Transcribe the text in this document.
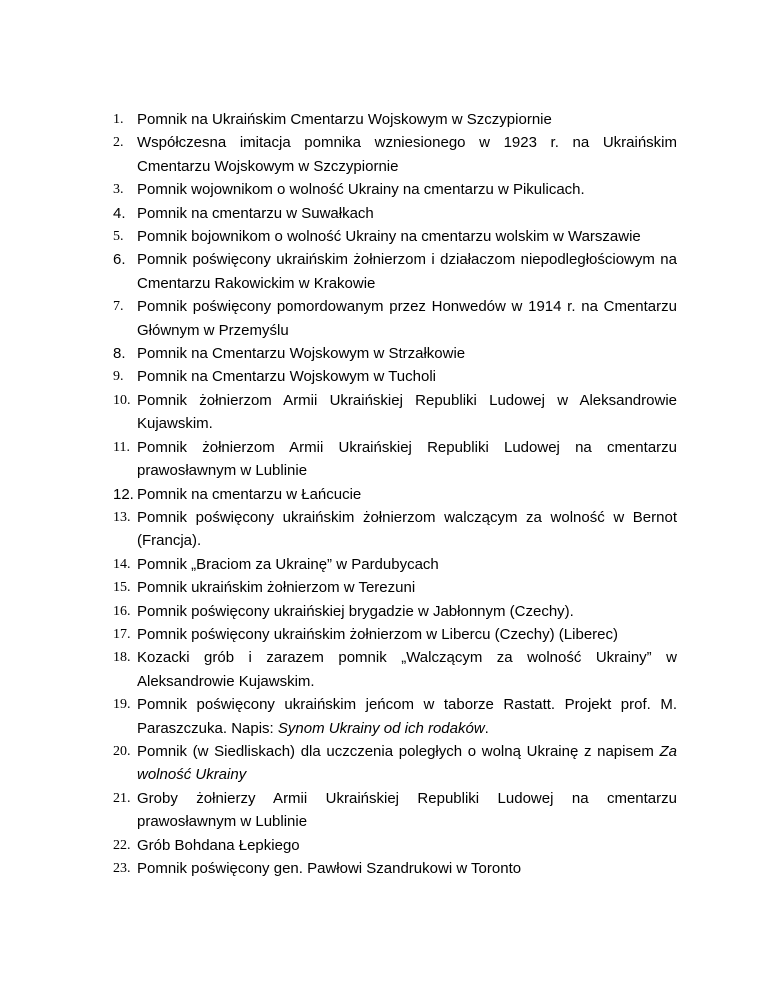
1. Pomnik na Ukraińskim Cmentarzu Wojskowym w Szczypiornie
2. Współczesna imitacja pomnika wzniesionego w 1923 r. na Ukraińskim Cmentarzu Wojskowym w Szczypiornie
3. Pomnik wojownikom o wolność Ukrainy na cmentarzu w Pikulicach.
4. Pomnik na cmentarzu w Suwałkach
5. Pomnik bojownikom o wolność Ukrainy na cmentarzu wolskim w Warszawie
6. Pomnik poświęcony ukraińskim żołnierzom i działaczom niepodległościowym na Cmentarzu Rakowickim w Krakowie
7. Pomnik poświęcony pomordowanym przez Honwedów w 1914 r. na Cmentarzu Głównym w Przemyślu
8. Pomnik na Cmentarzu Wojskowym w Strzałkowie
9. Pomnik na Cmentarzu Wojskowym w Tucholi
10. Pomnik żołnierzom Armii Ukraińskiej Republiki Ludowej w Aleksandrowie Kujawskim.
11. Pomnik żołnierzom Armii Ukraińskiej Republiki Ludowej na cmentarzu prawosławnym w Lublinie
12. Pomnik na cmentarzu w Łańcucie
13. Pomnik poświęcony ukraińskim żołnierzom walczącym za wolność w Bernot (Francja).
14. Pomnik „Braciom za Ukrainę” w Pardubycach
15. Pomnik ukraińskim żołnierzom w Terezuni
16. Pomnik poświęcony ukraińskiej brygadzie w Jabłonnym (Czechy).
17. Pomnik poświęcony ukraińskim żołnierzom w Libercu (Czechy) (Liberec)
18. Kozacki grób i zarazem pomnik „Walczącym za wolność Ukrainy” w Aleksandrowie Kujawskim.
19. Pomnik poświęcony ukraińskim jeńcom w taborze Rastatt. Projekt prof. M. Paraszczuka. Napis: Synom Ukrainy od ich rodaków.
20. Pomnik (w Siedliskach) dla uczczenia poległych o wolną Ukrainę z napisem Za wolność Ukrainy
21. Groby żołnierzy Armii Ukraińskiej Republiki Ludowej na cmentarzu prawosławnym w Lublinie
22. Grób Bohdana Łepkiego
23. Pomnik poświęcony gen. Pawłowi Szandrukowi w Toronto
